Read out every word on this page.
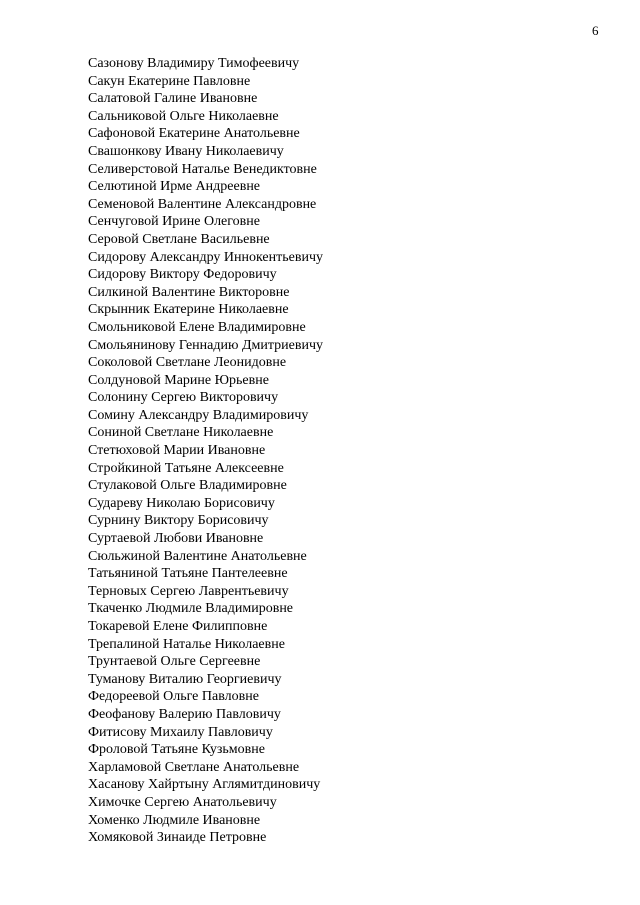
6
Сазонову Владимиру Тимофеевичу
Сакун Екатерине Павловне
Салатовой Галине Ивановне
Сальниковой Ольге Николаевне
Сафоновой Екатерине Анатольевне
Свашонкову Ивану Николаевичу
Селиверстовой Наталье Венедиктовне
Селютиной Ирме Андреевне
Семеновой Валентине Александровне
Сенчуговой Ирине Олеговне
Серовой Светлане Васильевне
Сидорову Александру Иннокентьевичу
Сидорову Виктору Федоровичу
Силкиной Валентине Викторовне
Скрынник Екатерине Николаевне
Смольниковой Елене Владимировне
Смольянинову Геннадию Дмитриевичу
Соколовой Светлане Леонидовне
Солдуновой Марине Юрьевне
Солонину Сергею Викторовичу
Сомину Александру Владимировичу
Сониной Светлане Николаевне
Стетюховой Марии Ивановне
Стройкиной Татьяне Алексеевне
Стулаковой Ольге Владимировне
Судареву Николаю Борисовичу
Сурнину Виктору Борисовичу
Суртаевой Любови Ивановне
Сюльжиной Валентине Анатольевне
Татьяниной Татьяне Пантелеевне
Терновых Сергею Лаврентьевичу
Ткаченко Людмиле Владимировне
Токаревой Елене Филипповне
Трепалиной Наталье Николаевне
Трунтаевой Ольге Сергеевне
Туманову Виталию Георгиевичу
Федореевой Ольге Павловне
Феофанову Валерию Павловичу
Фитисову Михаилу Павловичу
Фроловой Татьяне Кузьмовне
Харламовой Светлане Анатольевне
Хасанову Хайртыну Аглямитдиновичу
Химочке Сергею Анатольевичу
Хоменко Людмиле Ивановне
Хомяковой Зинаиде Петровне
